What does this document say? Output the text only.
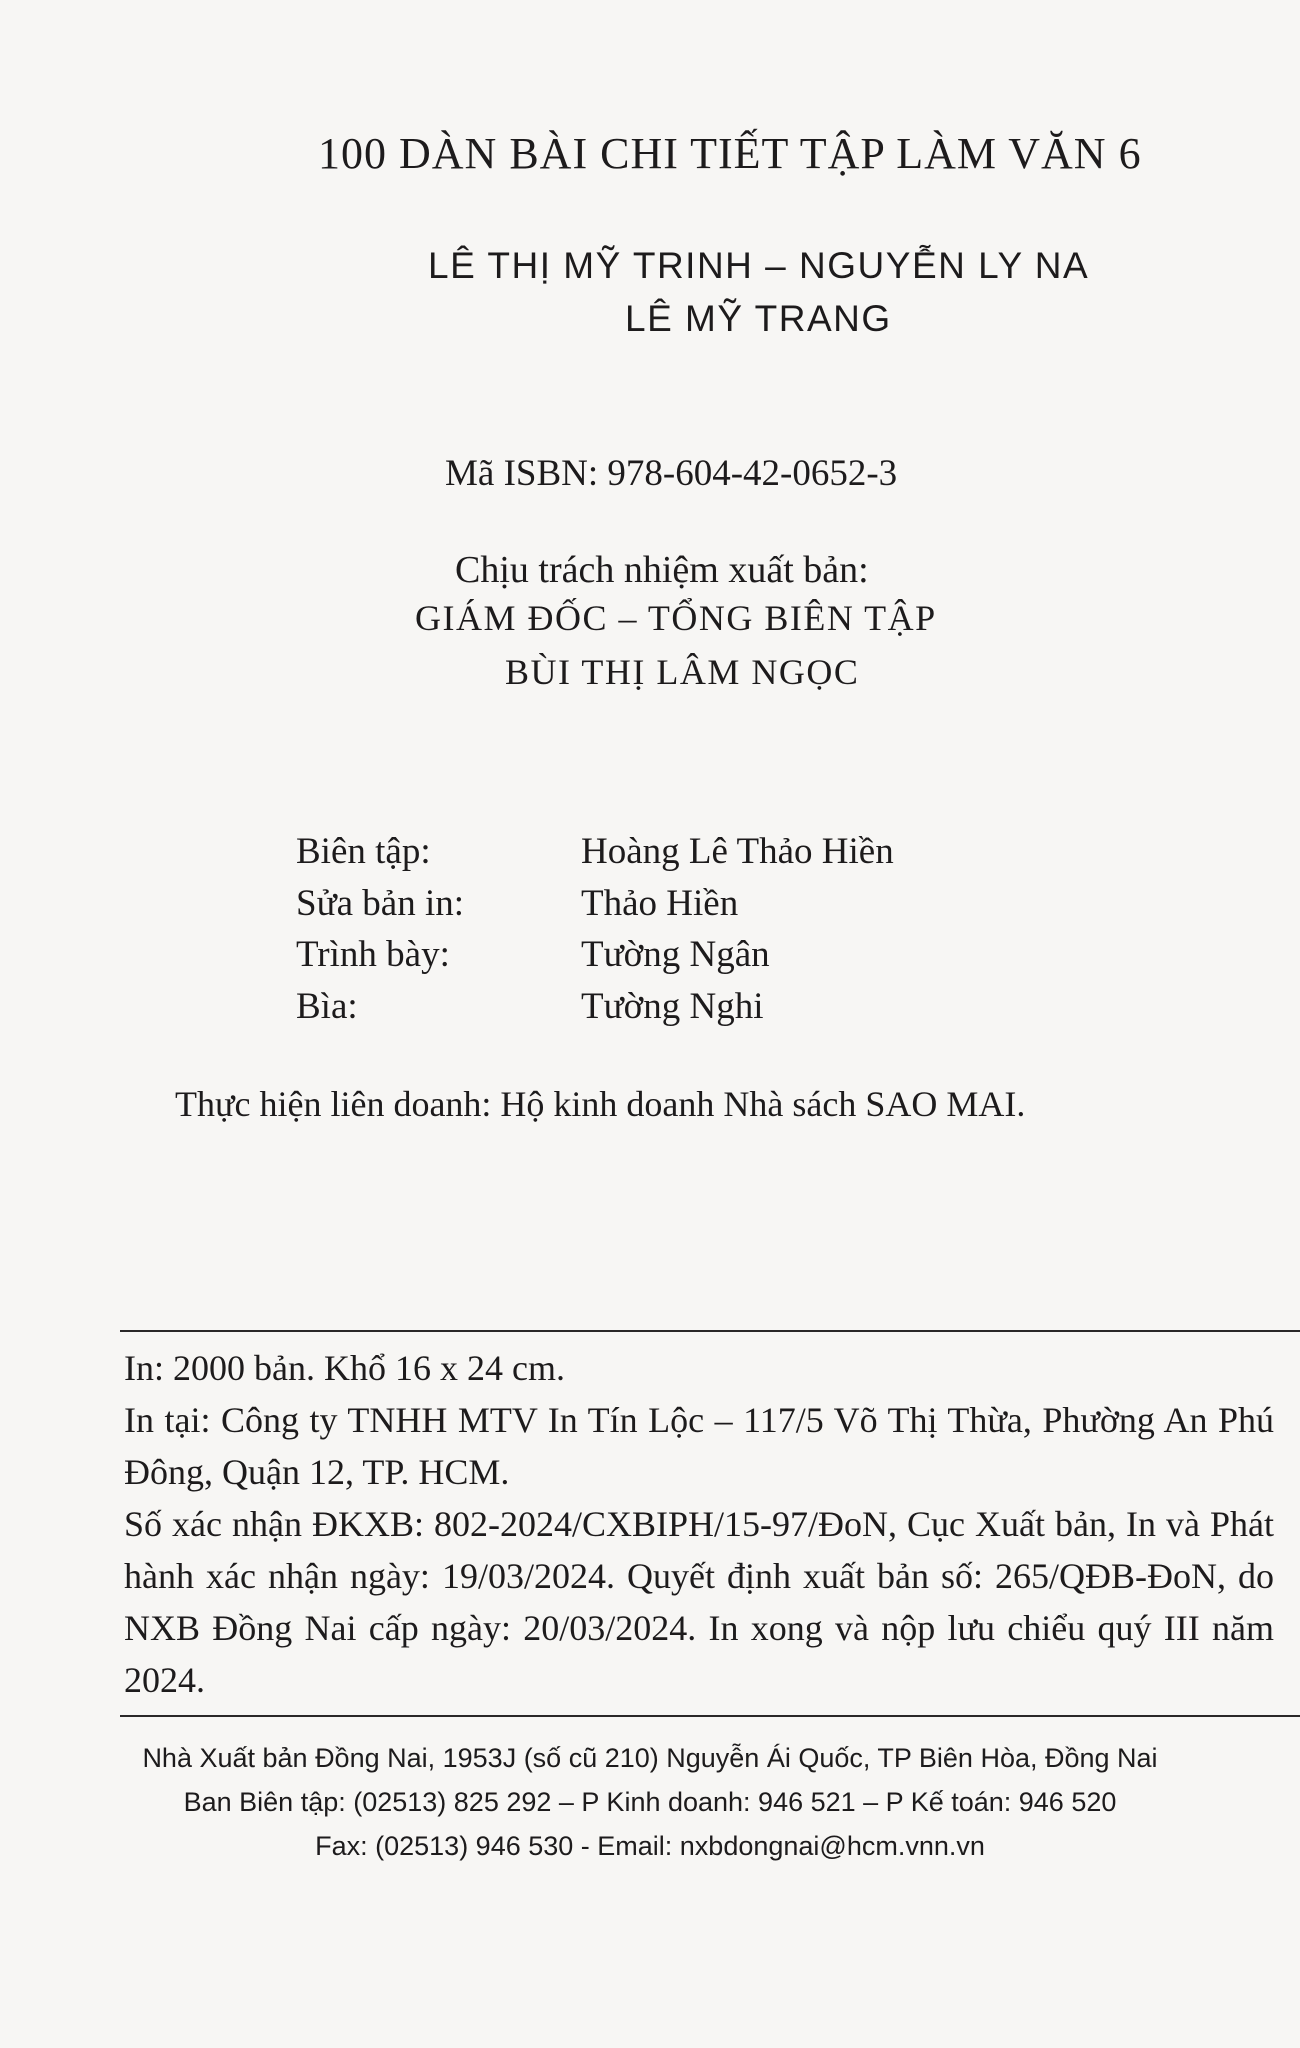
100 DÀN BÀI CHI TIẾT TẬP LÀM VĂN 6
LÊ THỊ MỸ TRINH – NGUYỄN LY NA
LÊ MỸ TRANG
Mã ISBN: 978-604-42-0652-3
Chịu trách nhiệm xuất bản:
GIÁM ĐỐC – TỔNG BIÊN TẬP
BÙI THỊ LÂM NGỌC
Biên tập:	Hoàng Lê Thảo Hiền
Sửa bản in:	Thảo Hiền
Trình bày:	Tường Ngân
Bìa:	Tường Nghi
Thực hiện liên doanh: Hộ kinh doanh Nhà sách SAO MAI.

In: 2000 bản. Khổ 16 x 24 cm.

In tại: Công ty TNHH MTV In Tín Lộc – 117/5 Võ Thị Thừa, Phường An Phú Đông, Quận 12, TP. HCM.

Số xác nhận ĐKXB: 802-2024/CXBIPH/15-97/ĐoN, Cục Xuất bản, In và Phát hành xác nhận ngày: 19/03/2024. Quyết định xuất bản số: 265/QĐB-ĐoN, do NXB Đồng Nai cấp ngày: 20/03/2024. In xong và nộp lưu chiểu quý III năm 2024.

Nhà Xuất bản Đồng Nai, 1953J (số cũ 210) Nguyễn Ái Quốc, TP Biên Hòa, Đồng Nai
Ban Biên tập: (02513) 825 292 – P Kinh doanh: 946 521 – P Kế toán: 946 520
Fax: (02513) 946 530 - Email: nxbdongnai@hcm.vnn.vn
